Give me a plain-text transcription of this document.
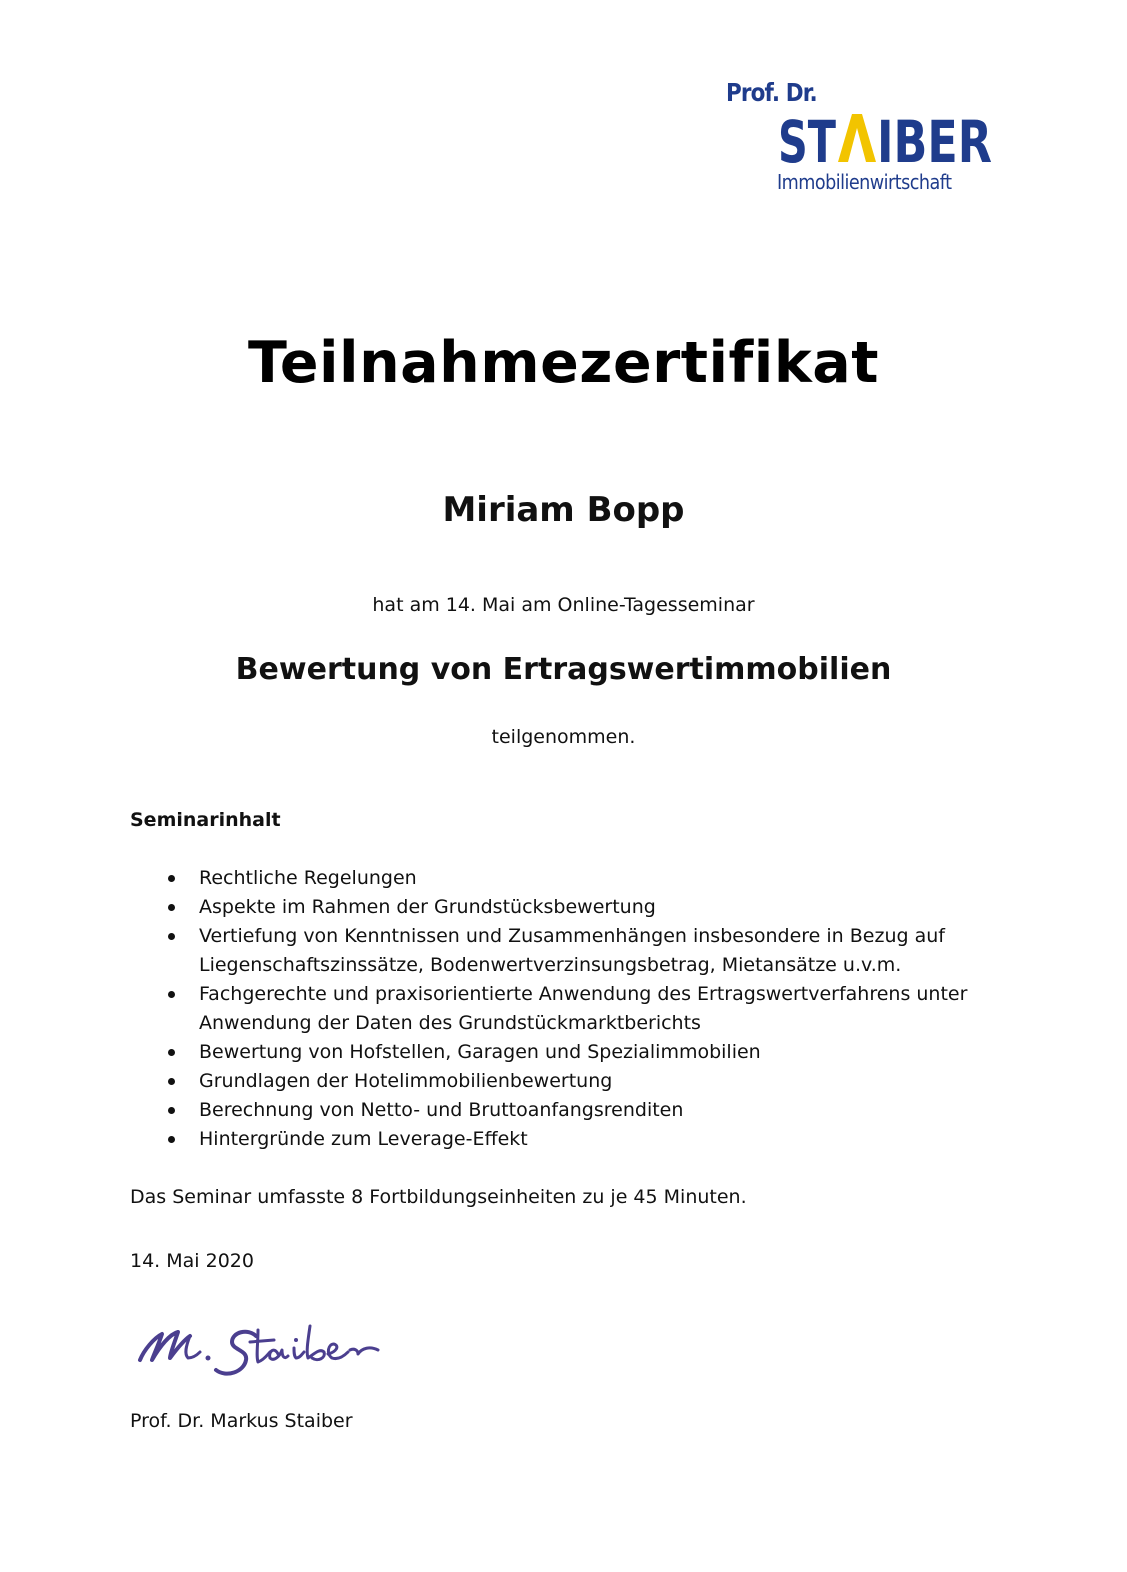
Prof. Dr.
ST IBER
Immobilienwirtschaft
Teilnahmezertifikat
Miriam Bopp
hat am 14. Mai am Online-Tagesseminar
Bewertung von Ertragswertimmobilien
teilgenommen.
Seminarinhalt
Rechtliche Regelungen
Aspekte im Rahmen der Grundstücksbewertung
Vertiefung von Kenntnissen und Zusammenhängen insbesondere in Bezug auf Liegenschaftszinssätze, Bodenwertverzinsungsbetrag, Mietansätze u.v.m.
Fachgerechte und praxisorientierte Anwendung des Ertragswertverfahrens unter Anwendung der Daten des Grundstückmarktberichts
Bewertung von Hofstellen, Garagen und Spezialimmobilien
Grundlagen der Hotelimmobilienbewertung
Berechnung von Netto- und Bruttoanfangsrenditen
Hintergründe zum Leverage-Effekt
Das Seminar umfasste 8 Fortbildungseinheiten zu je 45 Minuten.
14. Mai 2020
Prof. Dr. Markus Staiber
